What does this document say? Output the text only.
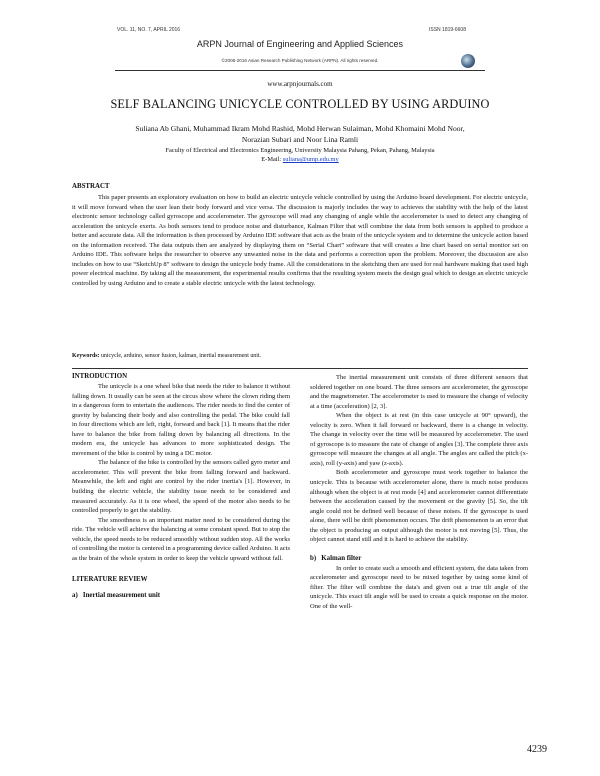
VOL. 11, NO. 7, APRIL 2016	ISSN 1819-6608
ARPN Journal of Engineering and Applied Sciences
©2006-2016 Asian Research Publishing Network (ARPN). All rights reserved.
www.arpnjournals.com
SELF BALANCING UNICYCLE CONTROLLED BY USING ARDUINO
Suliana Ab Ghani, Muhammad Ikram Mohd Rashid, Mohd Herwan Sulaiman, Mohd Khomaini Mohd Noor,
Norazian Subari and Noor Lina Ramli
Faculty of Electrical and Electronics Engineering, University Malaysia Pahang, Pekan, Pahang, Malaysia
E-Mail: suliana@ump.edu.my
ABSTRACT

This paper presents an exploratory evaluation on how to build an electric unicycle vehicle controlled by using the Arduino board development. For electric unicycle, it will move forward when the user lean their body forward and vice versa. The discussion is majorly includes the way to achieves the stability with the help of the latest electronic sensor technology called gyroscope and accelerometer. The gyroscope will read any changing of angle while the accelerometer is used to detect any changing of acceleration the unicycle exerts. As both sensors tend to produce noise and disturbance, Kalman Filter that will combine the data from both sensors is applied to produce a better and accurate data. All the information is then processed by Arduino IDE software that acts as the brain of the unicycle system and to determine the unicycle action based on the information received. The data outputs then are analyzed by displaying them on “Serial Chart” software that will creates a line chart based on serial monitor set on Arduino IDE. This software helps the researcher to observe any unwanted noise in the data and performs a correction upon the problem. Moreover, the discussion are also includes on how to use “SketchUp 8” software to design the unicycle body frame. All the considerations in the sketching then are used for real hardware making that used high power electrical machine. By taking all the measurement, the experimental results confirms that the resulting system meets the design goal which to design an electric unicycle controlled by using Arduino and to create a stable electric unicycle with the latest technology.

Keywords: unicycle, arduino, sensor fusion, kalman, inertial measurement unit.
INTRODUCTION

The unicycle is a one wheel bike that needs the rider to balance it without falling down. It usually can be seen at the circus show where the clown riding them in a dangerous form to entertain the audiences. The rider needs to find the center of gravity by balancing their body and also controlling the pedal. The bike could fall in four directions which are left, right, forward and back [1]. It means that the rider have to balance the bike from falling down by balancing all directions. In the modern era, the unicycle has advances to more sophisticated design. The movement of the bike is control by using a DC motor.

The balance of the bike is controlled by the sensors called gyro meter and accelerometer. This will prevent the bike from falling forward and backward. Meanwhile, the left and right are control by the rider inertia's [1]. However, in building the electric vehicle, the stability issue needs to be considered and measured accurately. As it is one wheel, the speed of the motor also needs to be controlled properly to get the stability.

The smoothness is an important matter need to be considered during the ride. The vehicle will achieve the balancing at some constant speed. But to stop the vehicle, the speed needs to be reduced smoothly without sudden stop. All the works of controlling the motor is centered in a programming device called Arduino. It acts as the brain of the whole system in order to keep the vehicle upward without fall.

LITERATURE REVIEW
a)   Inertial measurement unit

The inertial measurement unit consists of three different sensors that soldered together on one board. The three sensors are accelerometer, the gyroscope and the magnetometer. The accelerometer is used to measure the change of velocity at a time (acceleration) [2, 3].

When the object is at rest (in this case unicycle at 90° upward), the velocity is zero. When it fall forward or backward, there is a change in velocity. The change in velocity over the time will be measured by accelerometer. The used of gyroscope is to measure the rate of change of angles [3]. The complete three axis gyroscope will measure the changes at all angle. The angles are called the pitch (x-axis), roll (y-axis) and yaw (z-axis).

Both accelerometer and gyroscope must work together to balance the unicycle. This is because with accelerometer alone, there is much noise produces although when the object is at rest mode [4] and accelerometer cannot differentiate between the acceleration caused by the movement or the gravity [5]. So, the tilt angle could not be defined well because of these noises. If the gyroscope is used alone, there will be drift phenomenon occurs. The drift phenomenon is an error that the object is producing an output although the motor is not moving [5]. Thus, the object cannot stand still and it is hard to achieve the stability.

b)   Kalman filter

In order to create such a smooth and efficient system, the data taken from accelerometer and gyroscope need to be mixed together by using some kind of filter. The filter will combine the data's and given out a true tilt angle of the unicycle. This exact tilt angle will be used to create a quick response on the motor. One of the well-

4239
